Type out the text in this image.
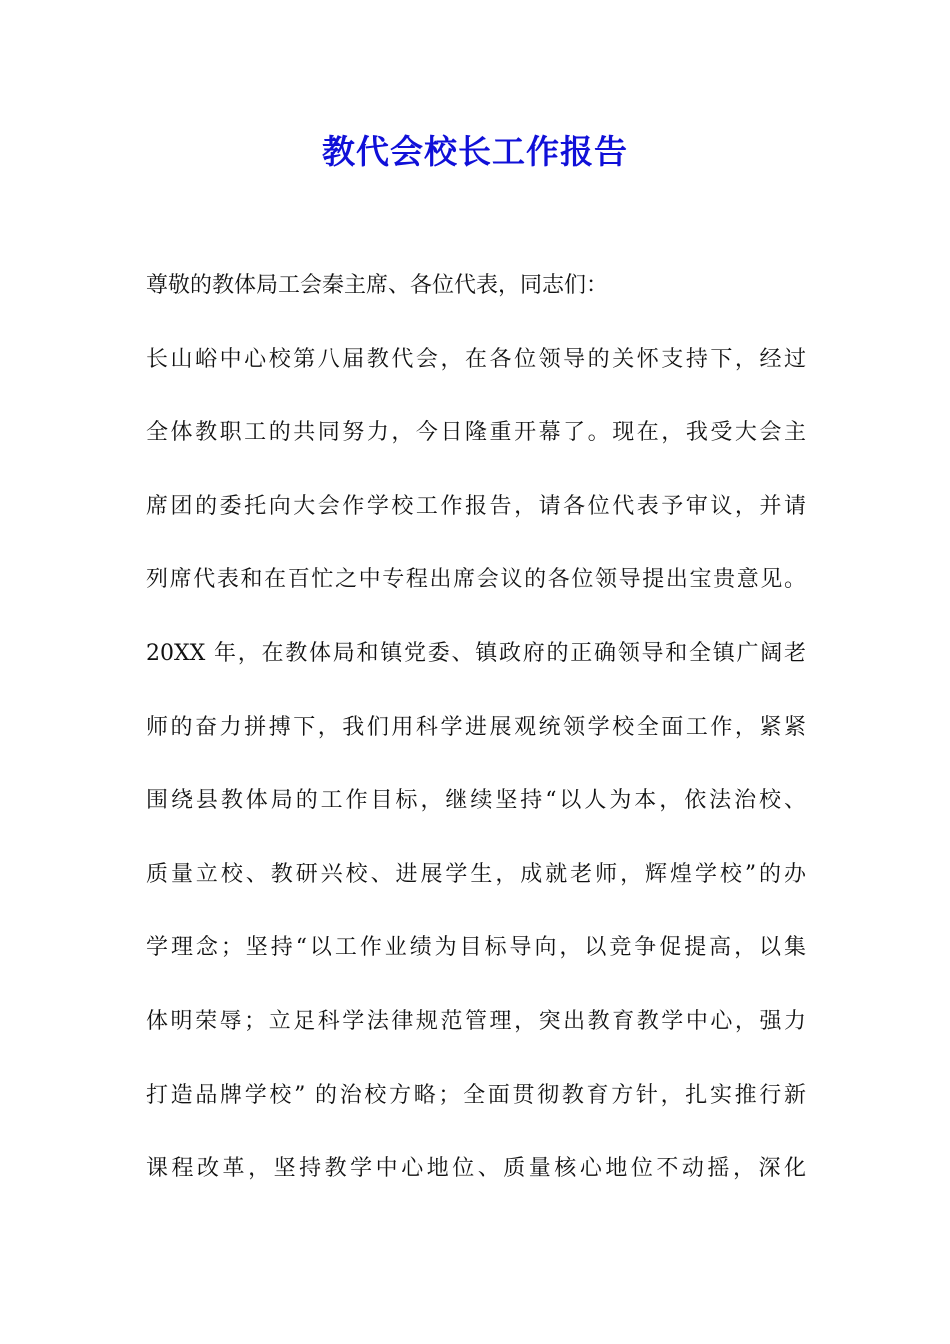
教代会校长工作报告
尊敬的教体局工会秦主席、各位代表，同志们：
长山峪中心校第八届教代会，在各位领导的关怀支持下，经过
全体教职工的共同努力，今日隆重开幕了。现在，我受大会主
席团的委托向大会作学校工作报告，请各位代表予审议，并请
列席代表和在百忙之中专程出席会议的各位领导提出宝贵意见。
20XX 年，在教体局和镇党委、镇政府的正确领导和全镇广阔老
师的奋力拼搏下，我们用科学进展观统领学校全面工作，紧紧
围绕县教体局的工作目标，继续坚持“以人为本，依法治校、
质量立校、教研兴校、进展学生，成就老师，辉煌学校”的办
学理念；坚持“以工作业绩为目标导向，以竞争促提高，以集
体明荣辱；立足科学法律规范管理，突出教育教学中心，强力
打造品牌学校” 的治校方略；全面贯彻教育方针，扎实推行新
课程改革，坚持教学中心地位、质量核心地位不动摇，深化
